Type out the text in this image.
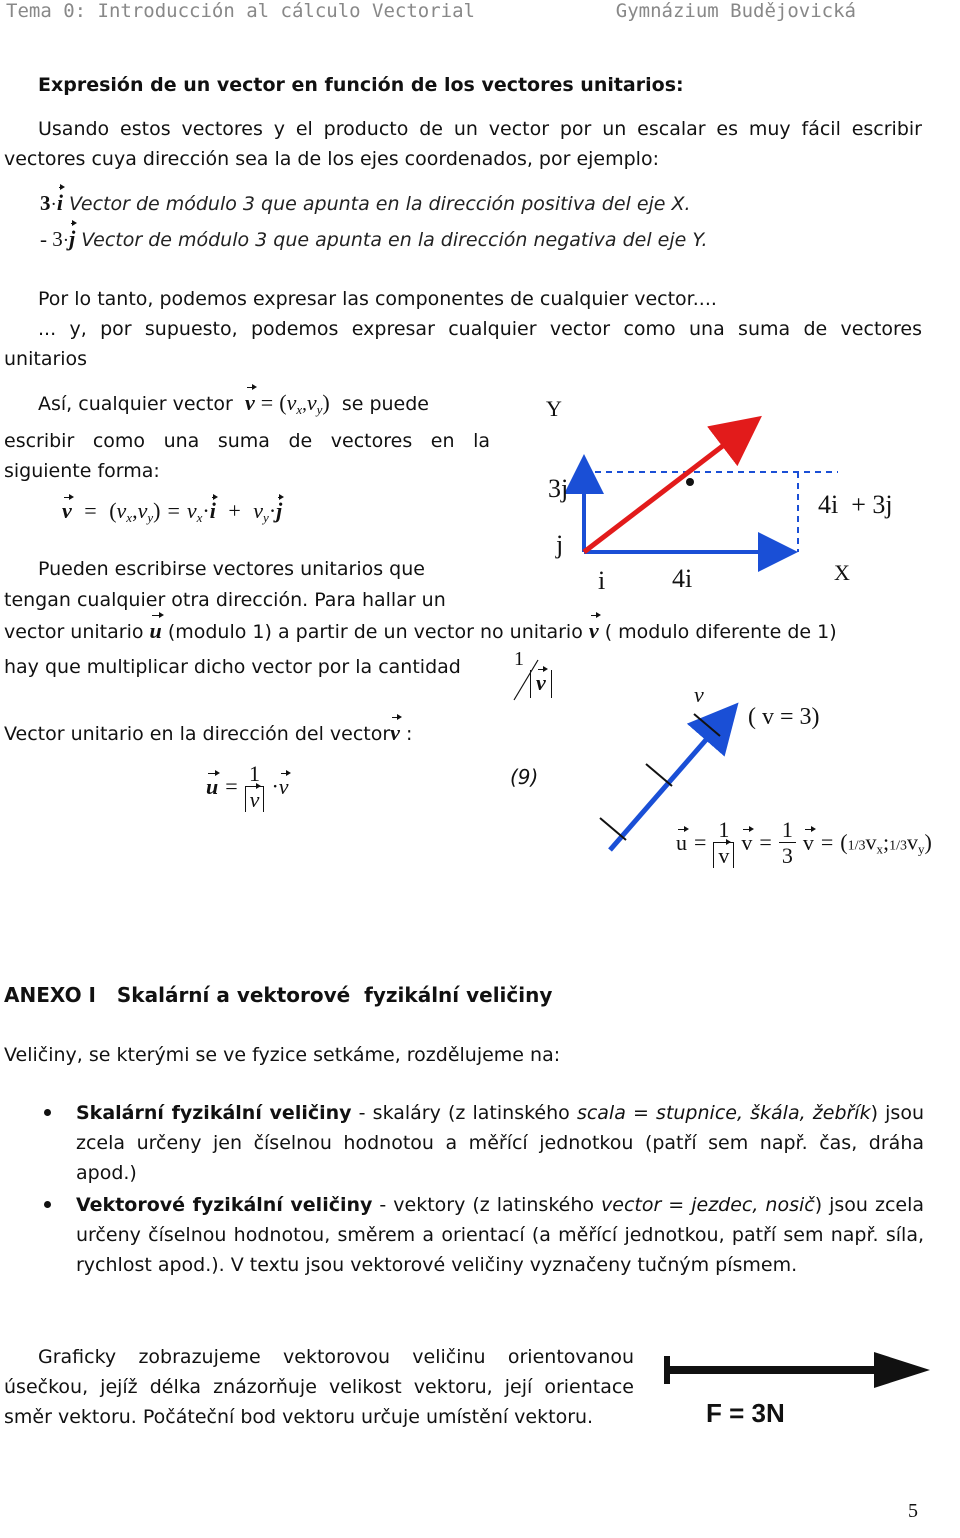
Tema 0: Introducción al cálculo Vectorial	Gymnázium Budějovická
Expresión de un vector en función de los vectores unitarios:
Usando estos vectores y el producto de un vector por un escalar es muy fácil escribir vectores cuya dirección sea la de los ejes coordenados, por ejemplo:
3·i Vector de módulo 3 que apunta en la dirección positiva del eje X.
- 3·j Vector de módulo 3 que apunta en la dirección negativa del eje Y.
Por lo tanto, podemos expresar las componentes de cualquier vector....
... y, por supuesto, podemos expresar cualquier vector como una suma de vectores unitarios
Así, cualquier vector $v = (v_x,v_y)$ se puede
escribir como una suma de vectores en la siguiente forma:
$v = (v_x,v_y) = v_x\cdot i + v_y\cdot j$
Pueden escribirse vectores unitarios que
tengan cualquier otra dirección. Para hallar un
vector unitario u (modulo 1) a partir de un vector no unitario v ( modulo diferente de 1)
hay que multiplicar dicho vector por la cantidad	1
v
Vector unitario en la dirección del vectorv :
$u = \frac{1}{v} \cdot v$	(9)
Y
X
3j
j
i	4i
4i  + 3j
v
( v = 3)
$u = \frac{1}{v}$ $v = \frac{1}{3}$ $v = (1/3v_x;1/3v_y)$
ANEXO I Skalární a vektorové  fyzikální veličiny
Veličiny, se kterými se ve fyzice setkáme, rozdělujeme na:
Skalární fyzikální veličiny - skaláry (z latinského scala = stupnice, škála, žebřík) jsou zcela určeny jen číselnou hodnotou a měřící jednotkou (patří sem např. čas, dráha apod.)
Vektorové fyzikální veličiny - vektory (z latinského vector = jezdec, nosič) jsou zcela určeny číselnou hodnotou, směrem a orientací (a měřící jednotkou, patří sem např. síla, rychlost apod.). V textu jsou vektorové veličiny vyznačeny tučným písmem.
Graficky zobrazujeme vektorovou veličinu orientovanou úsečkou, jejíž délka znázorňuje velikost vektoru, její orientace směr vektoru. Počáteční bod vektoru určuje umístění vektoru.	F = 3N
5
